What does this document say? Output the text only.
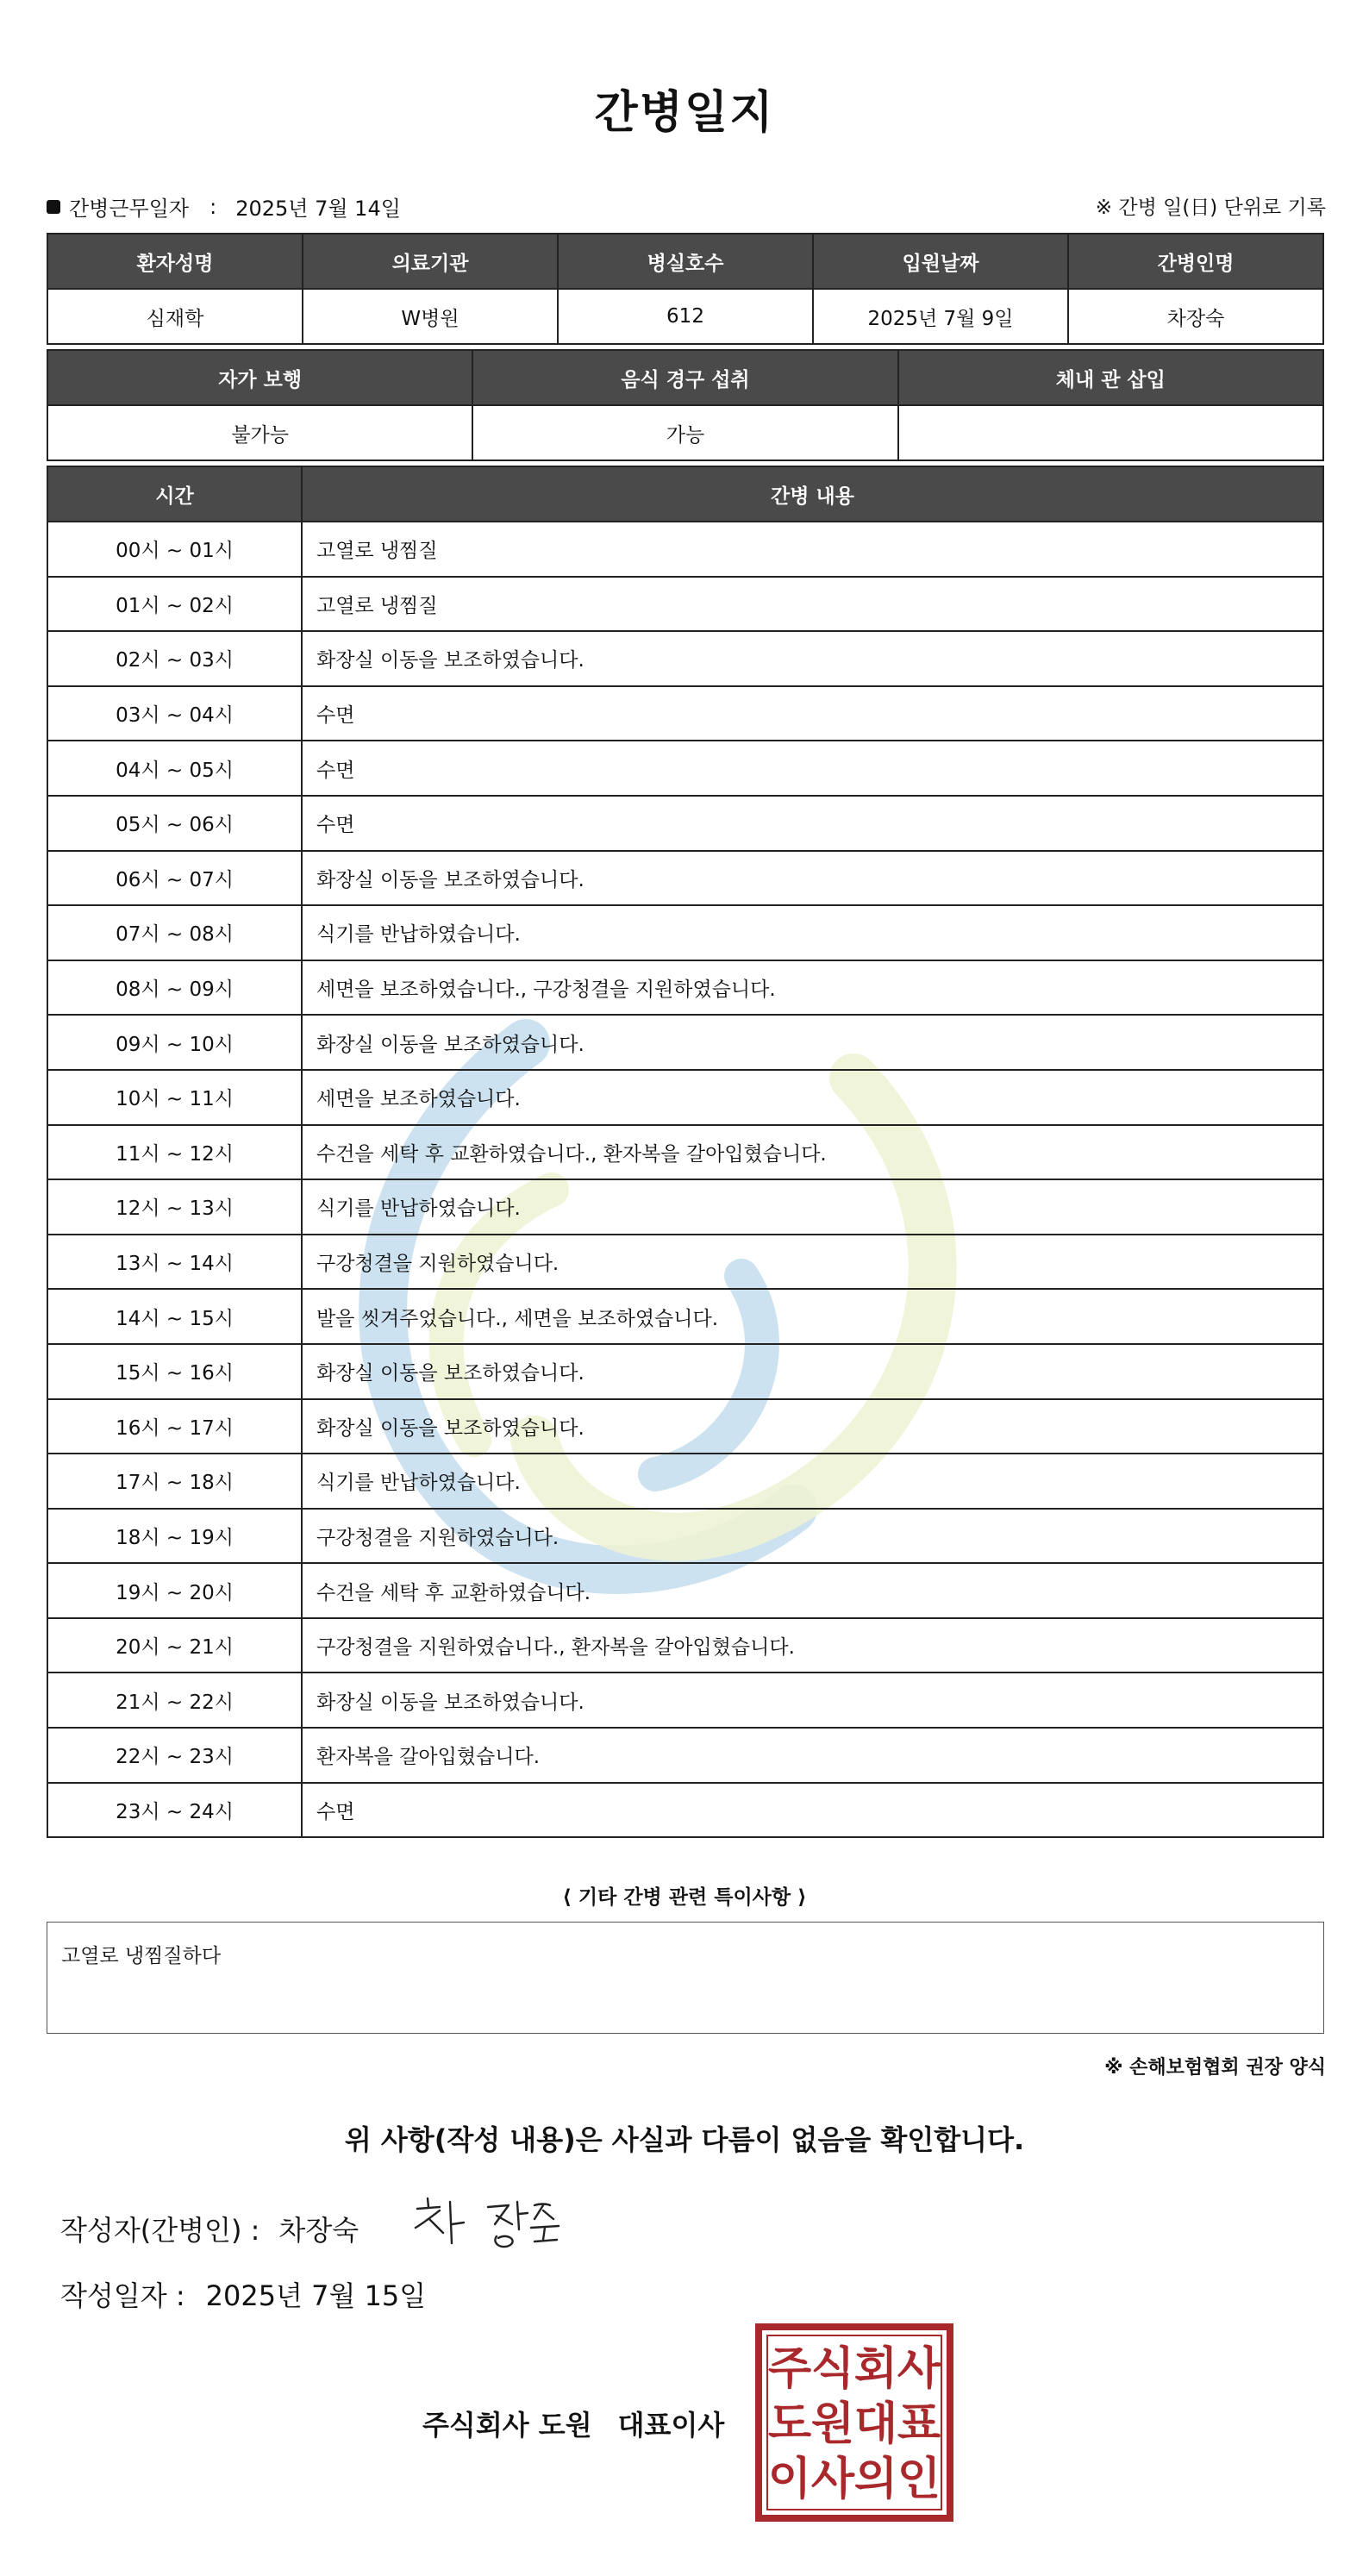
간병일지
간병근무일자 : 2025년 7월 14일	※ 간병 일(日) 단위로 기록
환자성명	의료기관	병실호수	입원날짜	간병인명
심재학	W병원	612	2025년 7월 9일	차장숙
자가 보행	음식 경구 섭취	체내 관 삽입
불가능	가능	
시간	간병 내용
00시 ~ 01시	고열로 냉찜질
01시 ~ 02시	고열로 냉찜질
02시 ~ 03시	화장실 이동을 보조하였습니다.
03시 ~ 04시	수면
04시 ~ 05시	수면
05시 ~ 06시	수면
06시 ~ 07시	화장실 이동을 보조하였습니다.
07시 ~ 08시	식기를 반납하였습니다.
08시 ~ 09시	세면을 보조하였습니다., 구강청결을 지원하였습니다.
09시 ~ 10시	화장실 이동을 보조하였습니다.
10시 ~ 11시	세면을 보조하였습니다.
11시 ~ 12시	수건을 세탁 후 교환하였습니다., 환자복을 갈아입혔습니다.
12시 ~ 13시	식기를 반납하였습니다.
13시 ~ 14시	구강청결을 지원하였습니다.
14시 ~ 15시	발을 씻겨주었습니다., 세면을 보조하였습니다.
15시 ~ 16시	화장실 이동을 보조하였습니다.
16시 ~ 17시	화장실 이동을 보조하였습니다.
17시 ~ 18시	식기를 반납하였습니다.
18시 ~ 19시	구강청결을 지원하였습니다.
19시 ~ 20시	수건을 세탁 후 교환하였습니다.
20시 ~ 21시	구강청결을 지원하였습니다., 환자복을 갈아입혔습니다.
21시 ~ 22시	화장실 이동을 보조하였습니다.
22시 ~ 23시	환자복을 갈아입혔습니다.
23시 ~ 24시	수면
⟨ 기타 간병 관련 특이사항 ⟩
고열로 냉찜질하다
※ 손해보험협회 권장 양식
위 사항(작성 내용)은 사실과 다름이 없음을 확인합니다.
작성자(간병인) : 차장숙
작성일자 : 2025년 7월 15일
주식회사 도원 대표이사
주 식 회 사
도 원 대 표
이 사 의 인
